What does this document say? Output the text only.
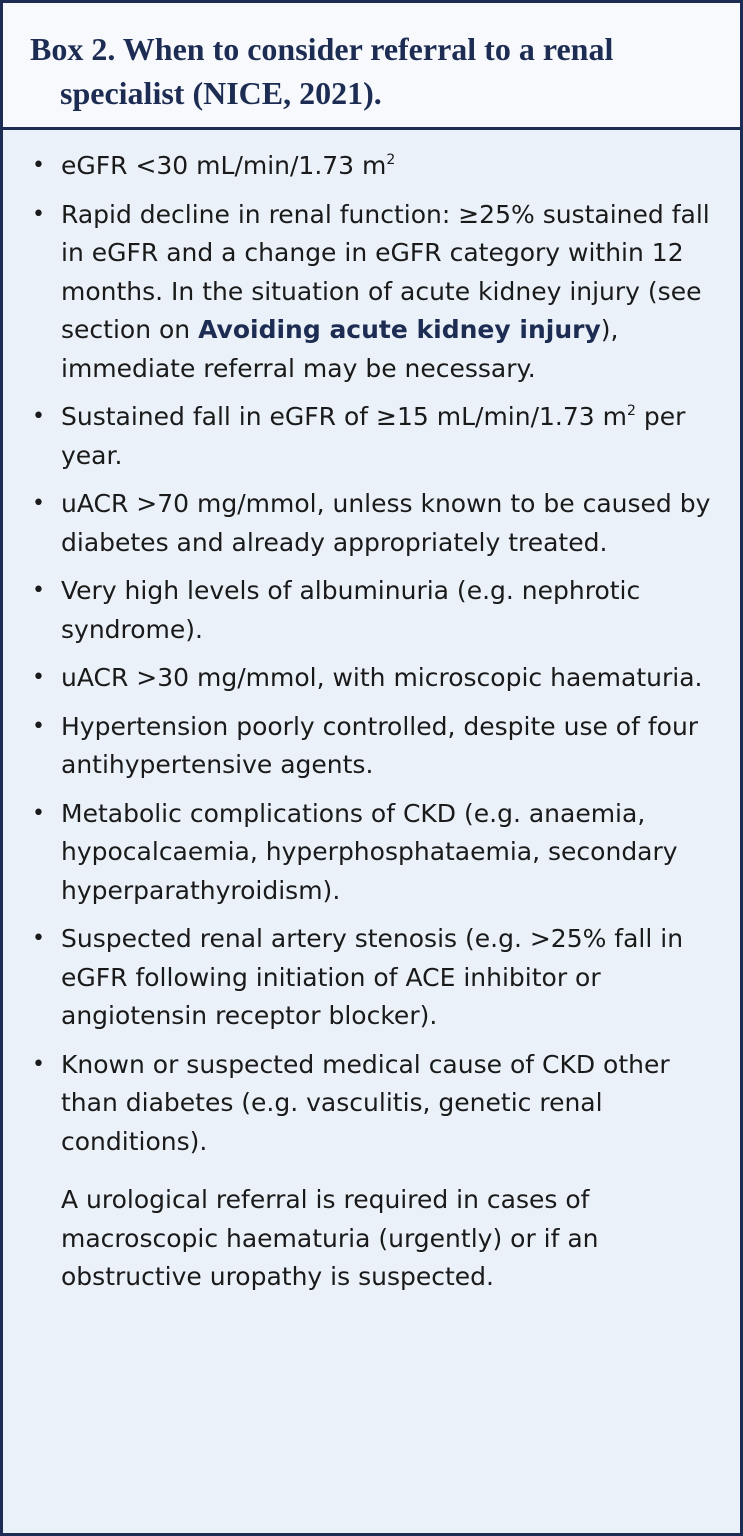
Box 2. When to consider referral to a renal specialist (NICE, 2021).
• eGFR <30 mL/min/1.73 $m^2$
• Rapid decline in renal function: ≥25% sustained fall in eGFR and a change in eGFR category within 12 months. In the situation of acute kidney injury (see section on Avoiding acute kidney injury), immediate referral may be necessary.
• Sustained fall in eGFR of ≥15 mL/min/1.73 $m^2$ per year.
• uACR >70 mg/mmol, unless known to be caused by diabetes and already appropriately treated.
• Very high levels of albuminuria (e.g. nephrotic syndrome).
• uACR >30 mg/mmol, with microscopic haematuria.
• Hypertension poorly controlled, despite use of four antihypertensive agents.
• Metabolic complications of CKD (e.g. anaemia, hypocalcaemia, hyperphosphataemia, secondary hyperparathyroidism).
• Suspected renal artery stenosis (e.g. >25% fall in eGFR following initiation of ACE inhibitor or angiotensin receptor blocker).
• Known or suspected medical cause of CKD other than diabetes (e.g. vasculitis, genetic renal conditions).

A urological referral is required in cases of macroscopic haematuria (urgently) or if an obstructive uropathy is suspected.
